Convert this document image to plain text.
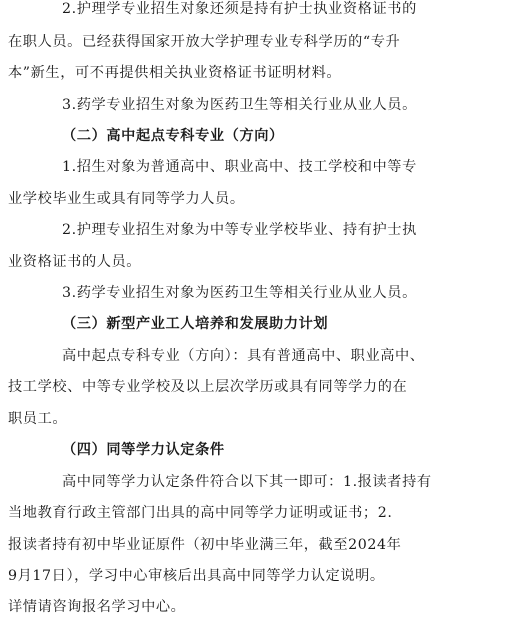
2.护理学专业招生对象还须是持有护士执业资格证书的
在职人员。已经获得国家开放大学护理专业专科学历的“专升
本”新生，可不再提供相关执业资格证书证明材料。
3.药学专业招生对象为医药卫生等相关行业从业人员。
（二）高中起点专科专业（方向）
1.招生对象为普通高中、职业高中、技工学校和中等专
业学校毕业生或具有同等学力人员。
2.护理专业招生对象为中等专业学校毕业、持有护士执
业资格证书的人员。
3.药学专业招生对象为医药卫生等相关行业从业人员。
（三）新型产业工人培养和发展助力计划
高中起点专科专业（方向）：具有普通高中、职业高中、
技工学校、中等专业学校及以上层次学历或具有同等学力的在
职员工。
（四）同等学力认定条件
高中同等学力认定条件符合以下其一即可：1.报读者持有
当地教育行政主管部门出具的高中同等学力证明或证书；2.
报读者持有初中毕业证原件（初中毕业满三年，截至2024年
9月17日），学习中心审核后出具高中同等学力认定说明。
详情请咨询报名学习中心。
